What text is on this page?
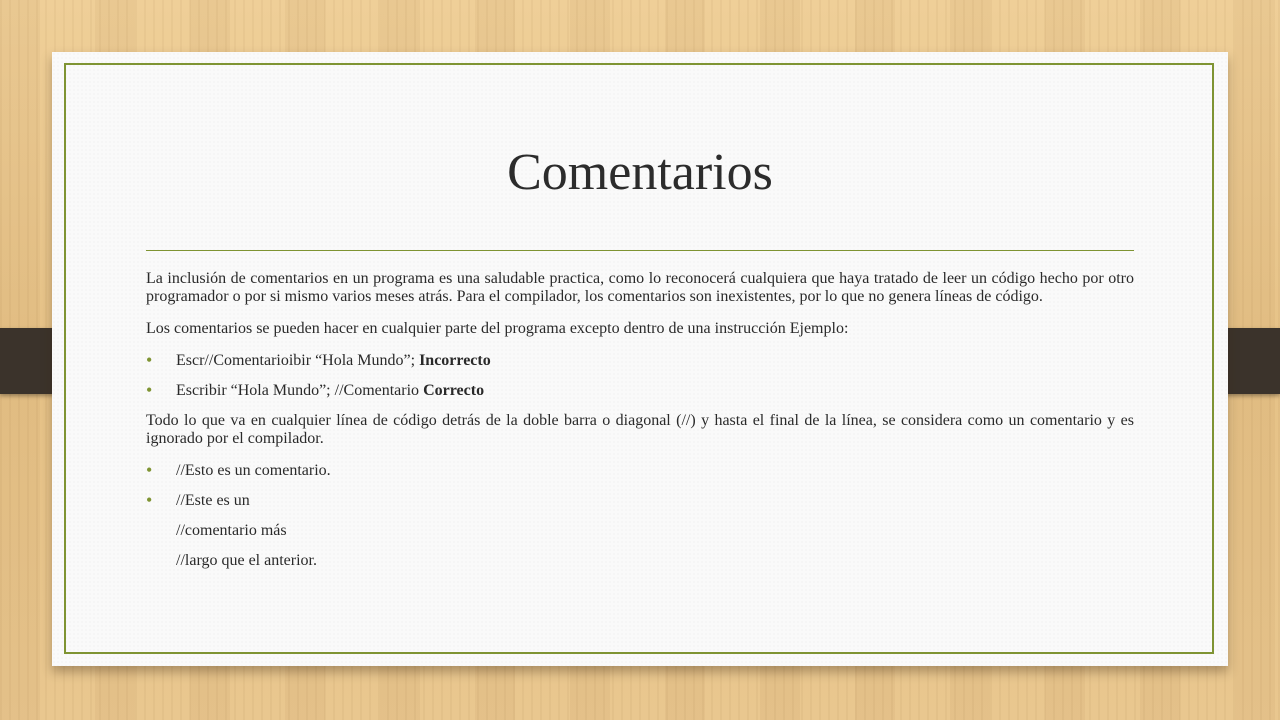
Comentarios

La inclusión de comentarios en un programa es una saludable practica, como lo reconocerá cualquiera que haya tratado de leer un código hecho por otro programador o por si mismo varios meses atrás. Para el compilador, los comentarios son inexistentes, por lo que no genera líneas de código.

Los comentarios se pueden hacer en cualquier parte del programa excepto dentro de una instrucción Ejemplo:

• Escr//Comentarioibir “Hola Mundo”; Incorrecto
• Escribir “Hola Mundo”; //Comentario Correcto

Todo lo que va en cualquier línea de código detrás de la doble barra o diagonal (//) y hasta el final de la línea, se considera como un comentario y es ignorado por el compilador.

• //Esto es un comentario.
• //Este es un
//comentario más
//largo que el anterior.
